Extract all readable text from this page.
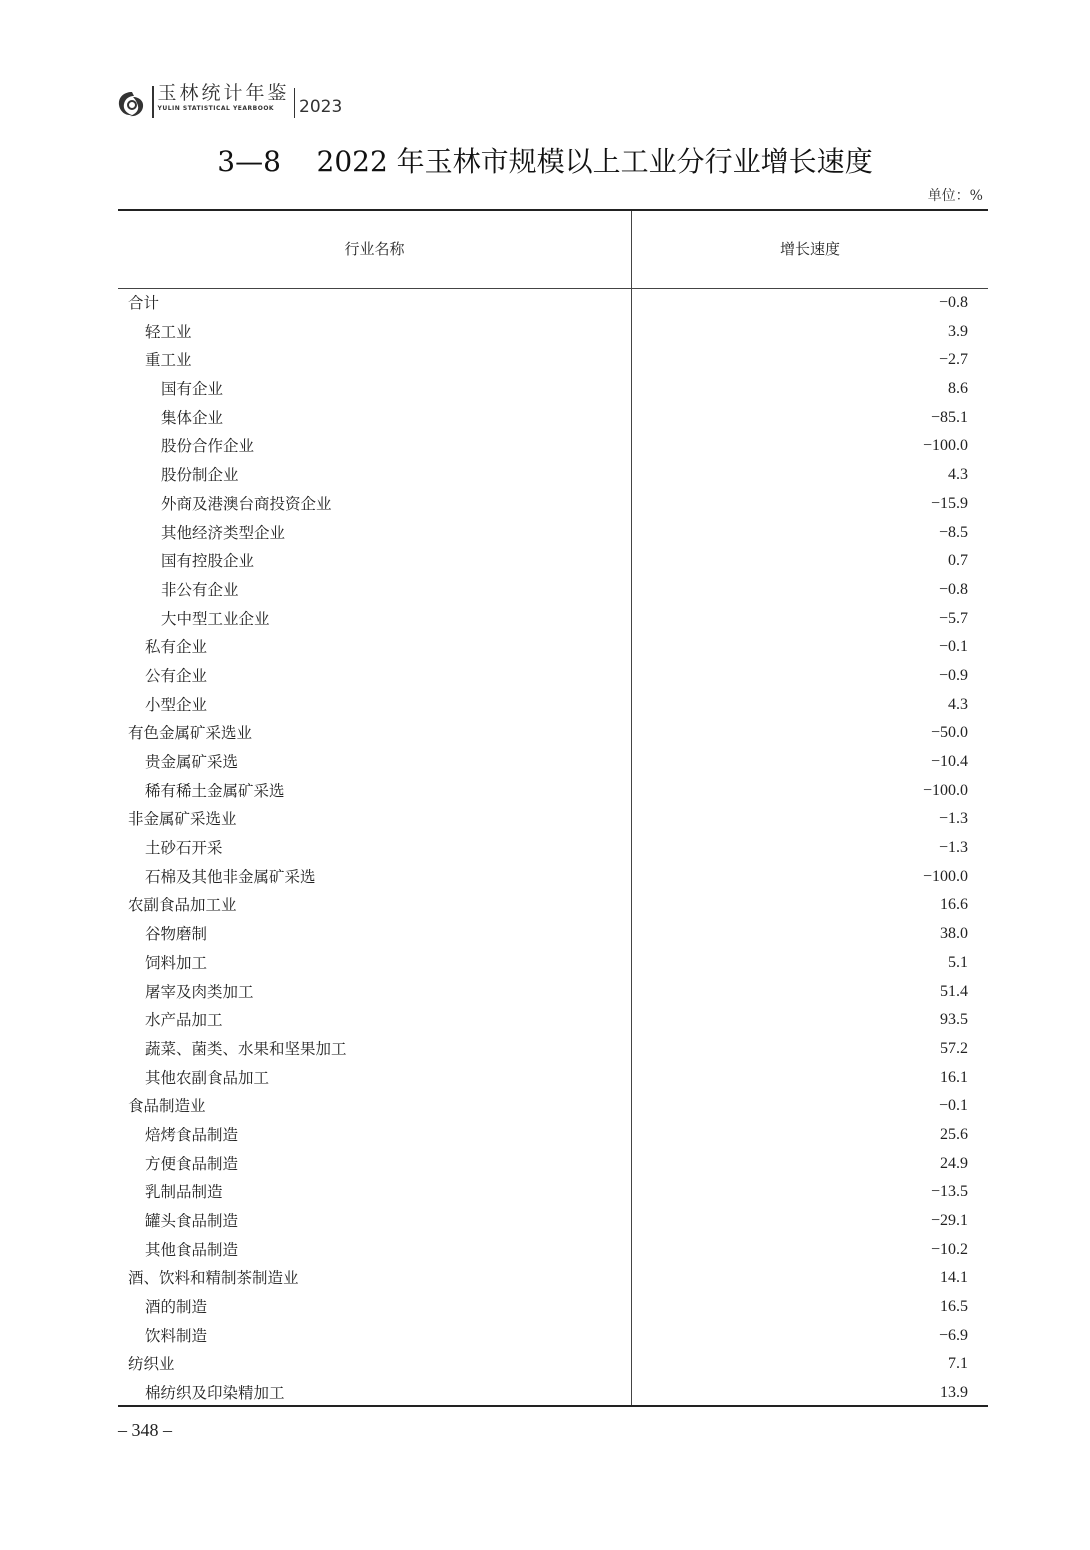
玉林统计年鉴
YULIN STATISTICAL YEARBOOK	2023
3—8    2022 年玉林市规模以上工业分行业增长速度
单位：%
行业名称	增长速度
合计	−0.8
轻工业	3.9
重工业	−2.7
国有企业	8.6
集体企业	−85.1
股份合作企业	−100.0
股份制企业	4.3
外商及港澳台商投资企业	−15.9
其他经济类型企业	−8.5
国有控股企业	0.7
非公有企业	−0.8
大中型工业企业	−5.7
私有企业	−0.1
公有企业	−0.9
小型企业	4.3
有色金属矿采选业	−50.0
贵金属矿采选	−10.4
稀有稀土金属矿采选	−100.0
非金属矿采选业	−1.3
土砂石开采	−1.3
石棉及其他非金属矿采选	−100.0
农副食品加工业	16.6
谷物磨制	38.0
饲料加工	5.1
屠宰及肉类加工	51.4
水产品加工	93.5
蔬菜、菌类、水果和坚果加工	57.2
其他农副食品加工	16.1
食品制造业	−0.1
焙烤食品制造	25.6
方便食品制造	24.9
乳制品制造	−13.5
罐头食品制造	−29.1
其他食品制造	−10.2
酒、饮料和精制茶制造业	14.1
酒的制造	16.5
饮料制造	−6.9
纺织业	7.1
棉纺织及印染精加工	13.9
– 348 –
